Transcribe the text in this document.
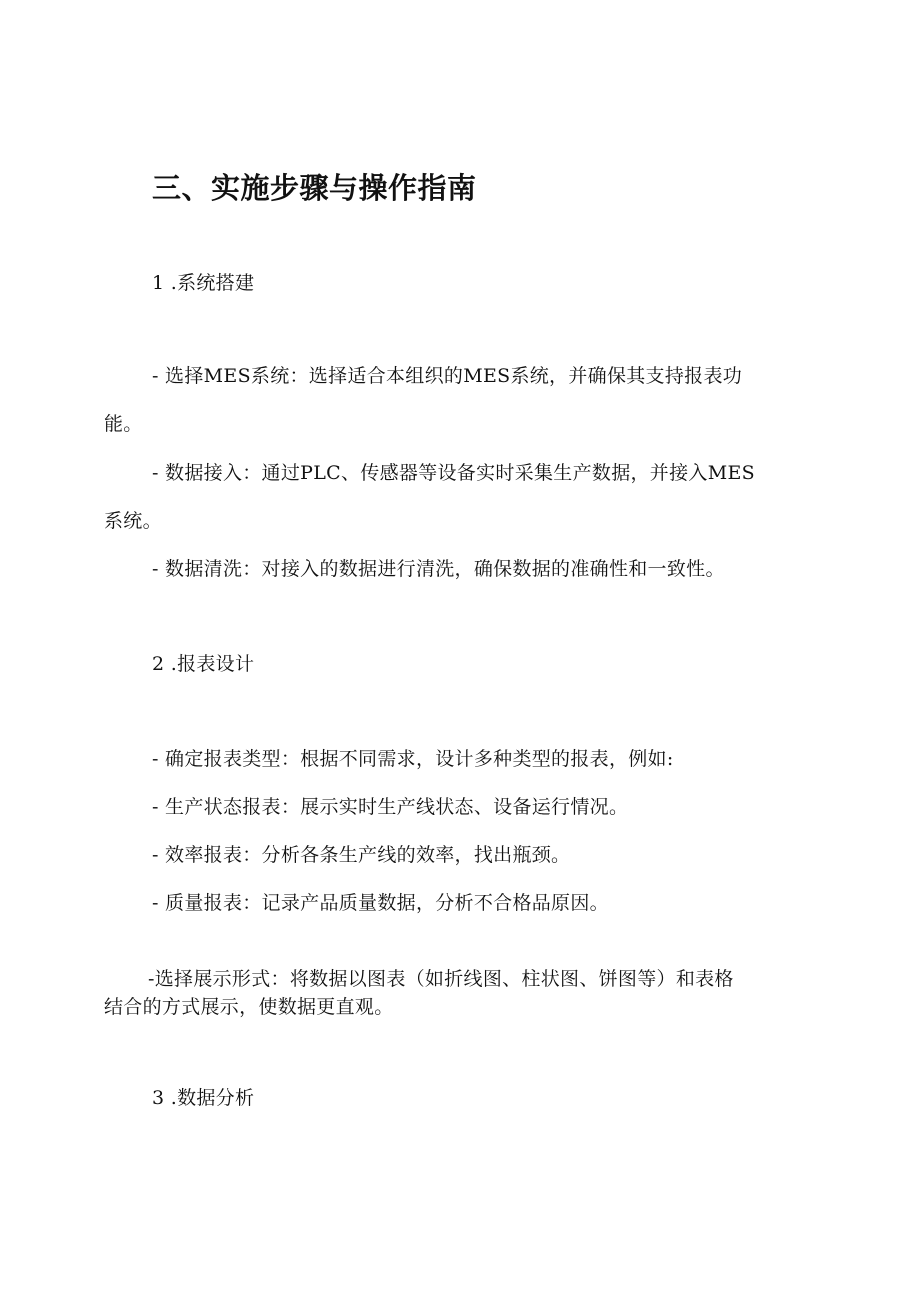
三、实施步骤与操作指南
1 .系统搭建
- 选择MES系统：选择适合本组织的MES系统，并确保其支持报表功
能。
- 数据接入：通过PLC、传感器等设备实时采集生产数据，并接入MES
系统。
- 数据清洗：对接入的数据进行清洗，确保数据的准确性和一致性。
2 .报表设计
- 确定报表类型：根据不同需求，设计多种类型的报表，例如:
- 生产状态报表：展示实时生产线状态、设备运行情况。
- 效率报表：分析各条生产线的效率，找出瓶颈。
- 质量报表：记录产品质量数据，分析不合格品原因。
-选择展示形式：将数据以图表（如折线图、柱状图、饼图等）和表格
结合的方式展示，使数据更直观。
3 .数据分析
